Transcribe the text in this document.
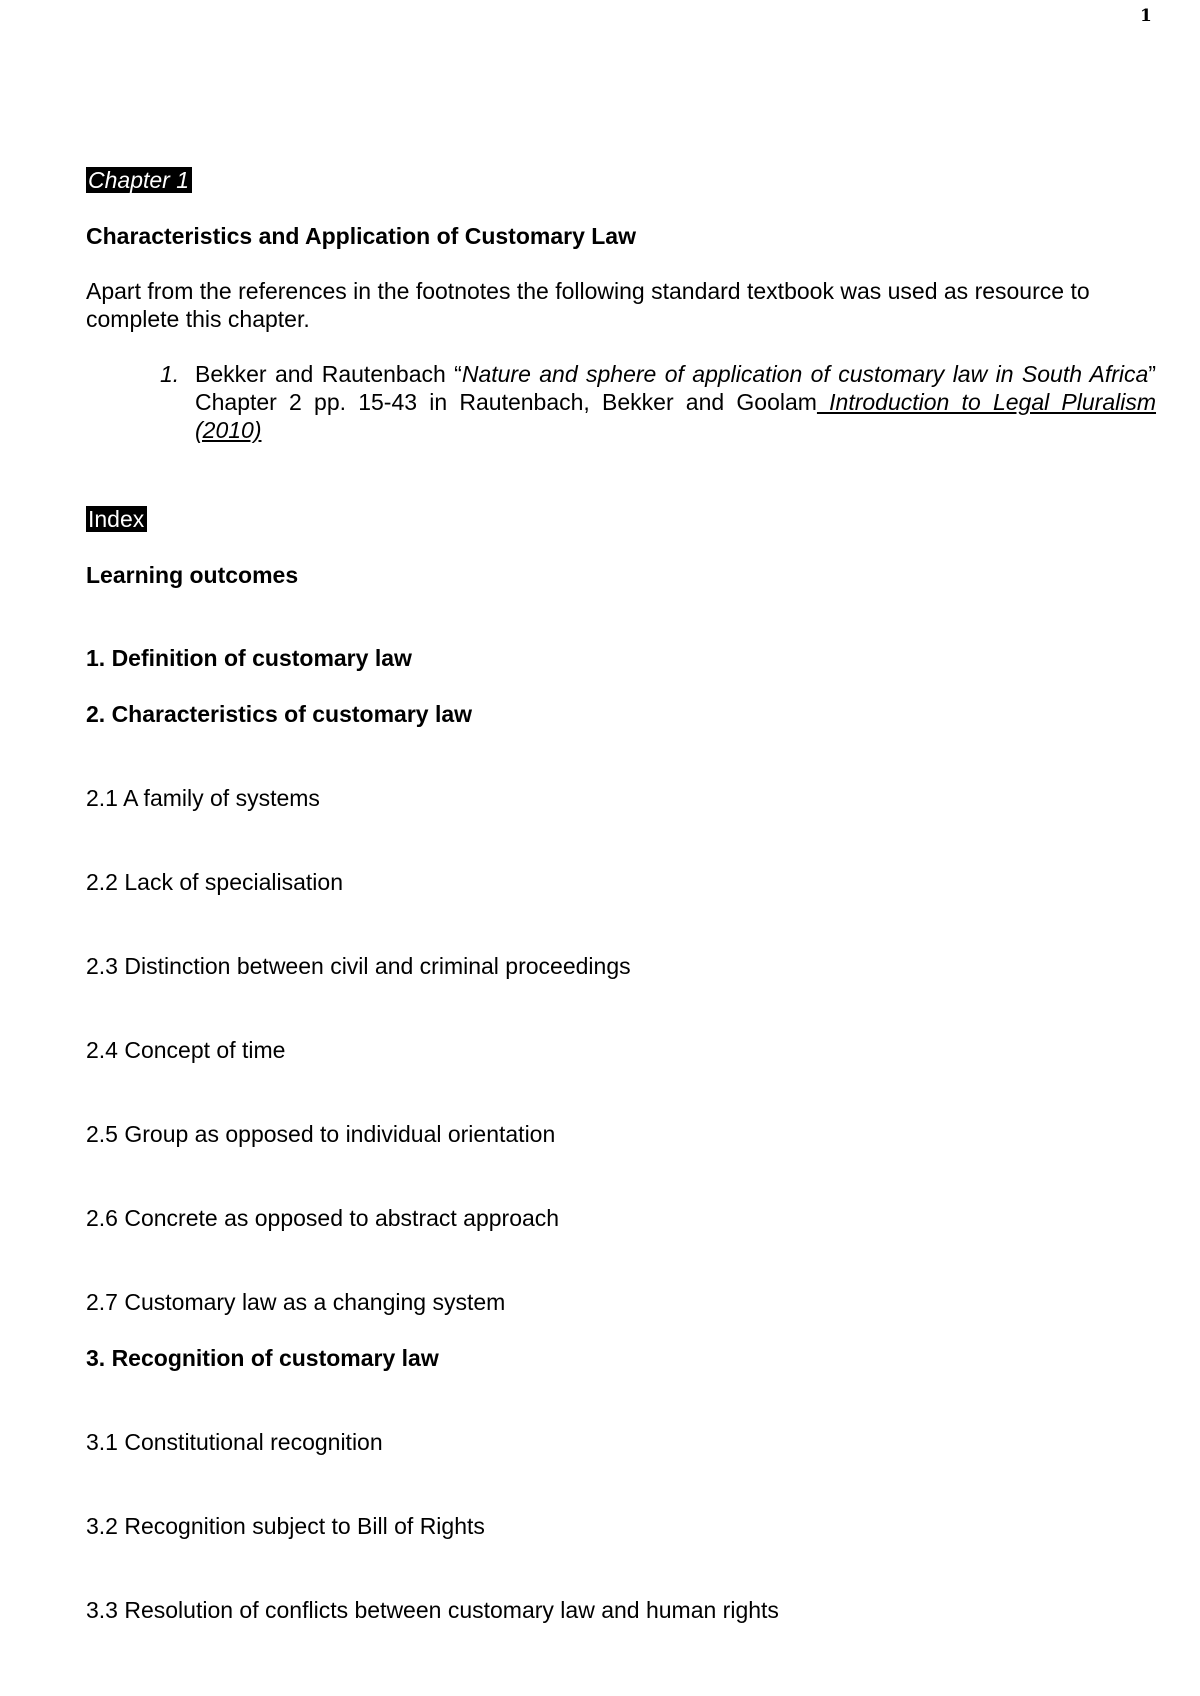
1
Chapter 1
Characteristics and Application of Customary Law
Apart from the references in the footnotes the following standard textbook was used as resource to complete this chapter.
1. Bekker and Rautenbach “Nature and sphere of application of customary law in South Africa” Chapter 2 pp. 15-43 in Rautenbach, Bekker and Goolam Introduction to Legal Pluralism (2010)
Index
Learning outcomes
1. Definition of customary law
2. Characteristics of customary law
2.1 A family of systems
2.2 Lack of specialisation
2.3 Distinction between civil and criminal proceedings
2.4 Concept of time
2.5 Group as opposed to individual orientation
2.6 Concrete as opposed to abstract approach
2.7 Customary law as a changing system
3. Recognition of customary law
3.1 Constitutional recognition
3.2 Recognition subject to Bill of Rights
3.3 Resolution of conflicts between customary law and human rights
